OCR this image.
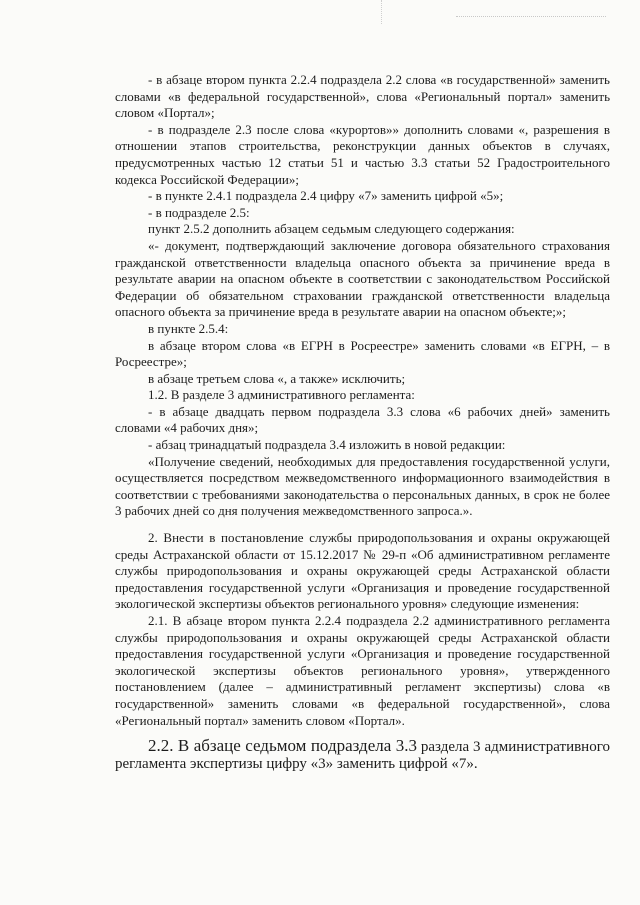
- в абзаце втором пункта 2.2.4 подраздела 2.2 слова «в государственной» заменить словами «в федеральной государственной», слова «Региональный портал» заменить словом «Портал»;

- в подразделе 2.3 после слова «курортов»» дополнить словами «, разрешения в отношении этапов строительства, реконструкции данных объектов в случаях, предусмотренных частью 12 статьи 51 и частью 3.3 статьи 52 Градостроительного кодекса Российской Федерации»;

- в пункте 2.4.1 подраздела 2.4 цифру «7» заменить цифрой «5»;

- в подразделе 2.5:

пункт 2.5.2 дополнить абзацем седьмым следующего содержания:

«- документ, подтверждающий заключение договора обязательного страхования гражданской ответственности владельца опасного объекта за причинение вреда в результате аварии на опасном объекте в соответствии с законодательством Российской Федерации об обязательном страховании гражданской ответственности владельца опасного объекта за причинение вреда в результате аварии на опасном объекте;»;

в пункте 2.5.4:

в абзаце втором слова «в ЕГРН в Росреестре» заменить словами «в ЕГРН, – в Росреестре»;

в абзаце третьем слова «, а также» исключить;

1.2. В разделе 3 административного регламента:

- в абзаце двадцать первом подраздела 3.3 слова «6 рабочих дней» заменить словами «4 рабочих дня»;

- абзац тринадцатый подраздела 3.4 изложить в новой редакции:

«Получение сведений, необходимых для предоставления государственной услуги, осуществляется посредством межведомственного информационного взаимодействия в соответствии с требованиями законодательства о персональных данных, в срок не более 3 рабочих дней со дня получения межведомственного запроса.».

2. Внести в постановление службы природопользования и охраны окружающей среды Астраханской области от 15.12.2017 № 29-п «Об административном регламенте службы природопользования и охраны окружающей среды Астраханской области предоставления государственной услуги «Организация и проведение государственной экологической экспертизы объектов регионального уровня» следующие изменения:

2.1. В абзаце втором пункта 2.2.4 подраздела 2.2 административного регламента службы природопользования и охраны окружающей среды Астраханской области предоставления государственной услуги «Организация и проведение государственной экологической экспертизы объектов регионального уровня», утвержденного постановлением (далее – административный регламент экспертизы) слова «в государственной» заменить словами «в федеральной государственной», слова «Региональный портал» заменить словом «Портал».

2.2. В абзаце седьмом подраздела 3.3 раздела 3 административного регламента экспертизы цифру «3» заменить цифрой «7».
